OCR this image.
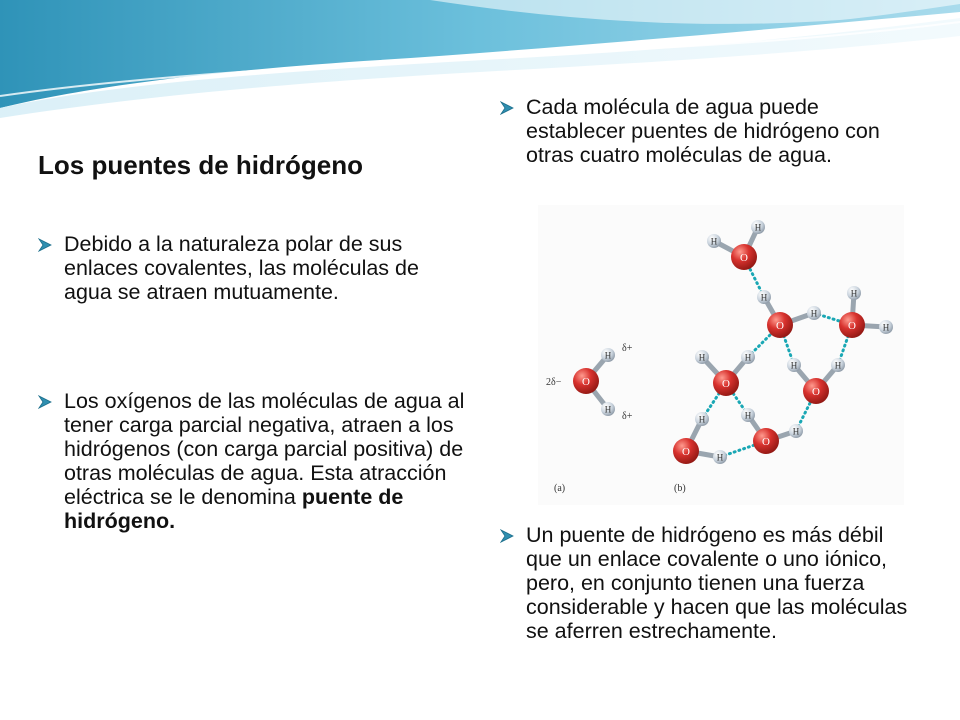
Los puentes de hidrógeno

Debido a la naturaleza polar de sus enlaces covalentes, las moléculas de agua se atraen mutuamente.

Los oxígenos de las moléculas de agua al tener carga parcial negativa, atraen a los hidrógenos (con carga parcial positiva) de otras moléculas de agua. Esta atracción eléctrica se le denomina puente de hidrógeno.

Cada molécula de agua puede establecer puentes de hidrógeno con otras cuatro moléculas de agua.

O
H
H
O
H
H
O
H
H
O	H
H
O
H	H
O
H	H
O	H
H
O
H
H
2δ−
δ+
δ+
(a)	(b)

Un puente de hidrógeno es más débil que un enlace covalente o uno iónico, pero, en conjunto tienen una fuerza considerable y hacen que las moléculas se aferren estrechamente.
